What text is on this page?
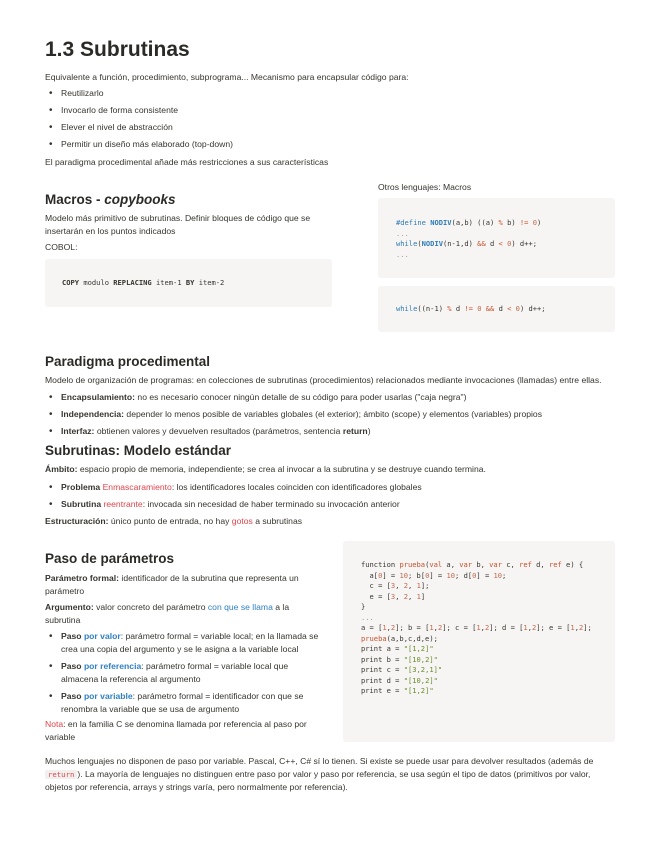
1.3 Subrutinas
Equivalente a función, procedimiento, subprograma... Mecanismo para encapsular código para:
• Reutilizarlo
• Invocarlo de forma consistente
• Elever el nivel de abstracción
• Permitir un diseño más elaborado (top-down)
El paradigma procedimental añade más restricciones a sus características
Macros - copybooks
Modelo más primitivo de subrutinas. Definir bloques de código que se insertarán en los puntos indicados
COBOL:
COPY modulo REPLACING item-1 BY item-2
Otros lenguajes: Macros
#define NODIV(a,b) ((a) % b) != 0)
...
while(NODIV(n-1,d) && d < 0) d++;
...
while((n-1) % d != 0 && d < 0) d++;
Paradigma procedimental
Modelo de organización de programas: en colecciones de subrutinas (procedimientos) relacionados mediante invocaciones (llamadas) entre ellas.
• Encapsulamiento: no es necesario conocer ningún detalle de su código para poder usarlas ("caja negra")
• Independencia: depender lo menos posible de variables globales (el exterior); ámbito (scope) y elementos (variables) propios
• Interfaz: obtienen valores y devuelven resultados (parámetros, sentencia return)
Subrutinas: Modelo estándar
Ámbito: espacio propio de memoria, independiente; se crea al invocar a la subrutina y se destruye cuando termina.
• Problema Enmascaramiento: los identificadores locales coinciden con identificadores globales
• Subrutina reentrante: invocada sin necesidad de haber terminado su invocación anterior
Estructuración: único punto de entrada, no hay gotos a subrutinas
Paso de parámetros
Parámetro formal: identificador de la subrutina que representa un parámetro
Argumento: valor concreto del parámetro con que se llama a la subrutina
• Paso por valor: parámetro formal = variable local; en la llamada se crea una copia del argumento y se le asigna a la variable local
• Paso por referencia: parámetro formal = variable local que almacena la referencia al argumento
• Paso por variable: parámetro formal = identificador con que se renombra la variable que se usa de argumento
Nota: en la familia C se denomina llamada por referencia al paso por variable
function prueba(val a, var b, var c, ref d, ref e) {
a[0] = 10; b[0] = 10; d[0] = 10;
c = [3, 2, 1];
e = [3, 2, 1]
}
...
a = [1,2]; b = [1,2]; c = [1,2]; d = [1,2]; e = [1,2];
prueba(a,b,c,d,e);
print a = "[1,2]"
print b = "[10,2]"
print c = "[3,2,1]"
print d = "[10,2]"
print e = "[1,2]"
Muchos lenguajes no disponen de paso por variable. Pascal, C++, C# sí lo tienen. Si existe se puede usar para devolver resultados (además de return ). La mayoría de lenguajes no distinguen entre paso por valor y paso por referencia, se usa según el tipo de datos (primitivos por valor, objetos por referencia, arrays y strings varía, pero normalmente por referencia).
